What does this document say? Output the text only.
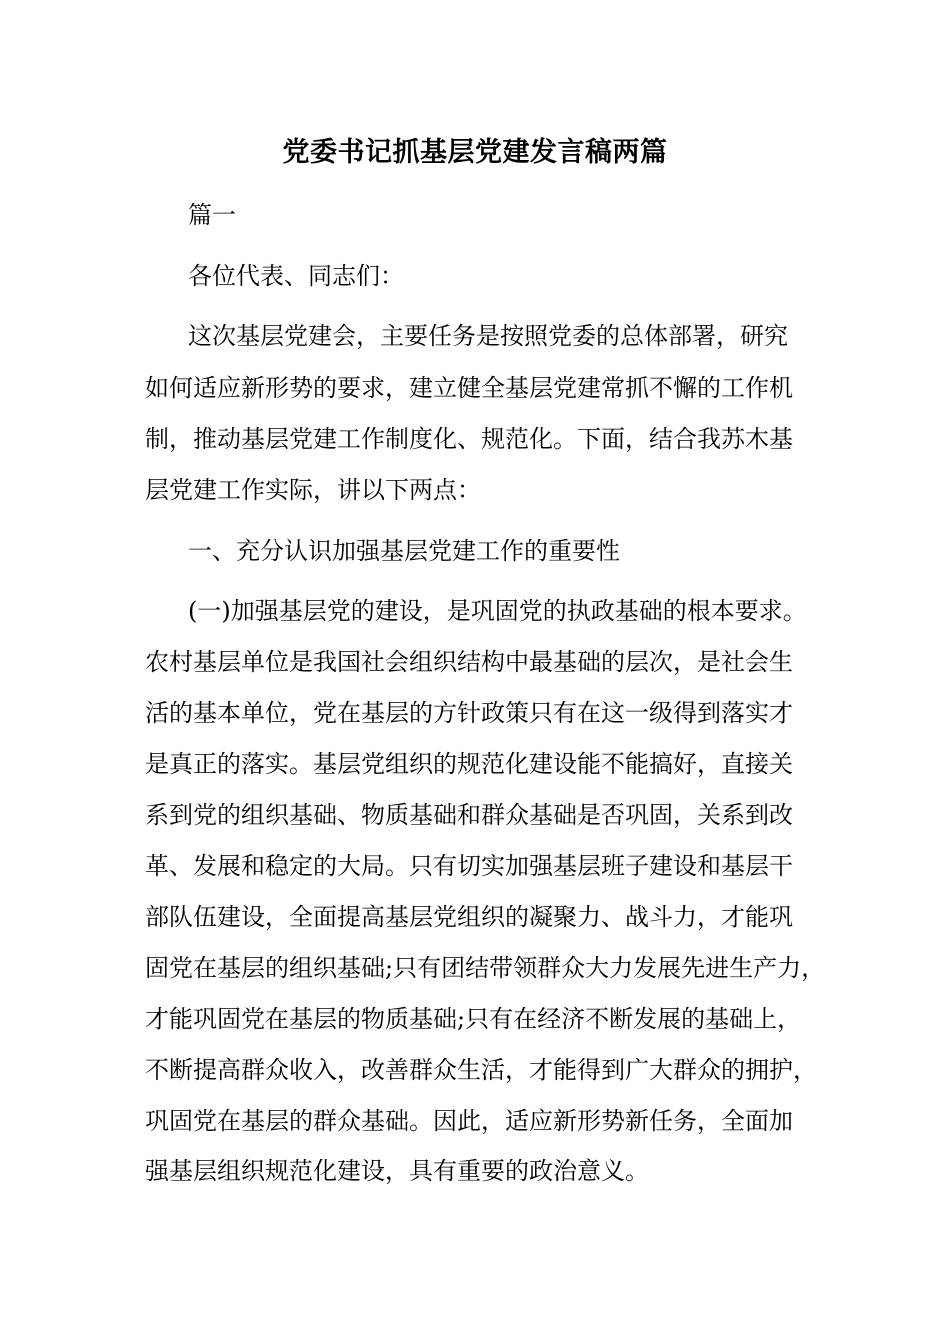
党委书记抓基层党建发言稿两篇
篇一
各位代表、同志们：
这次基层党建会，主要任务是按照党委的总体部署，研究
如何适应新形势的要求，建立健全基层党建常抓不懈的工作机
制，推动基层党建工作制度化、规范化。下面，结合我苏木基
层党建工作实际，讲以下两点：
一、充分认识加强基层党建工作的重要性
(一)加强基层党的建设，是巩固党的执政基础的根本要求。
农村基层单位是我国社会组织结构中最基础的层次，是社会生
活的基本单位，党在基层的方针政策只有在这一级得到落实才
是真正的落实。基层党组织的规范化建设能不能搞好，直接关
系到党的组织基础、物质基础和群众基础是否巩固，关系到改
革、发展和稳定的大局。只有切实加强基层班子建设和基层干
部队伍建设，全面提高基层党组织的凝聚力、战斗力，才能巩
固党在基层的组织基础;只有团结带领群众大力发展先进生产力，
才能巩固党在基层的物质基础;只有在经济不断发展的基础上，
不断提高群众收入，改善群众生活，才能得到广大群众的拥护，
巩固党在基层的群众基础。因此，适应新形势新任务，全面加
强基层组织规范化建设，具有重要的政治意义。
